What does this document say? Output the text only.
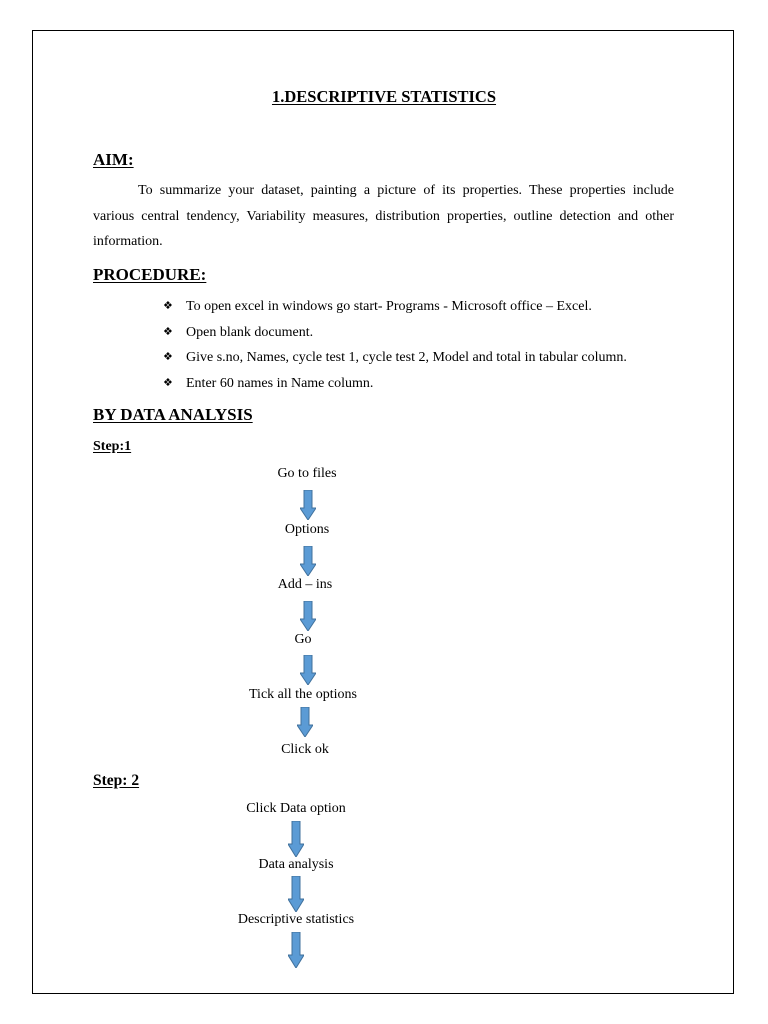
1.DESCRIPTIVE STATISTICS
AIM:

To summarize your dataset, painting a picture of its properties. These properties include various central tendency, Variability measures, distribution properties, outline detection and other information.

PROCEDURE:
❖ To open excel in windows go start- Programs - Microsoft office – Excel.
❖ Open blank document.
❖ Give s.no, Names, cycle test 1, cycle test 2, Model and total in tabular column.
❖ Enter 60 names in Name column.
BY DATA ANALYSIS
Step:1
Go to files
Options
Add – ins
Go
Tick all the options
Click ok
Step: 2
Click Data option
Data analysis
Descriptive statistics
